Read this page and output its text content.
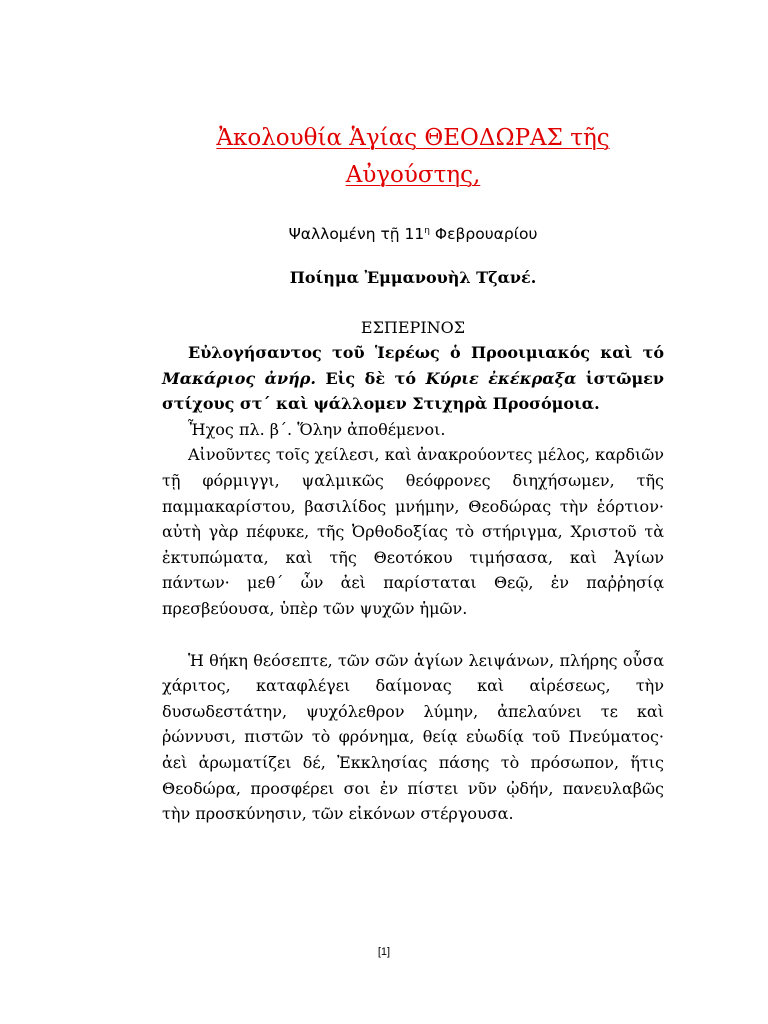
Ἀκολουθία Ἁγίας ΘΕΟΔΩΡΑΣ τῆς
Αὐγούστης,
Ψαλλομένη τῇ $11^\eta$ Φεβρουαρίου
Ποίημα Ἐμμανουὴλ Τζανέ.
ΕΣΠΕΡΙΝΟΣ

Εὐλογήσαντος τοῦ Ἱερέως ὁ Προοιμιακός καὶ τό Μακάριος ἀνήρ. Εἰς δὲ τό Κύριε ἐκέκραξα ἱστῶμεν στίχους στ΄ καὶ ψάλλομεν Στιχηρὰ Προσόμοια.

Ἦχος πλ. β΄. Ὅλην ἀποθέμενοι.

Αἰνοῦντες τοῖς χείλεσι, καὶ ἀνακρούοντες μέλος, καρδιῶν τῇ φόρμιγγι, ψαλμικῶς θεόφρονες διηχήσωμεν, τῆς παμμακαρίστου, βασιλίδος μνήμην, Θεοδώρας τὴν ἑόρτιον· αὐτὴ γὰρ πέφυκε, τῆς Ὀρθοδοξίας τὸ στήριγμα, Χριστοῦ τὰ ἐκτυπώματα, καὶ τῆς Θεοτόκου τιμήσασα, καὶ Ἁγίων πάντων· μεθ΄ ὧν ἀεὶ παρίσταται Θεῷ, ἐν παῤῥησίᾳ πρεσβεύουσα, ὑπὲρ τῶν ψυχῶν ἡμῶν.

Ἡ θήκη θεόσεπτε, τῶν σῶν ἁγίων λειψάνων, πλήρης οὖσα χάριτος, καταφλέγει δαίμονας καὶ αἱρέσεως, τὴν δυσωδεστάτην, ψυχόλεθρον λύμην, ἀπελαύνει τε καὶ ῥώννυσι, πιστῶν τὸ φρόνημα, θείᾳ εὐωδίᾳ τοῦ Πνεύματος· ἀεὶ ἀρωματίζει δέ, Ἐκκλησίας πάσης τὸ πρόσωπον, ἥτις Θεοδώρα, προσφέρει σοι ἐν πίστει νῦν ᾠδήν, πανευλαβῶς τὴν προσκύνησιν, τῶν εἰκόνων στέργουσα.

[1]
